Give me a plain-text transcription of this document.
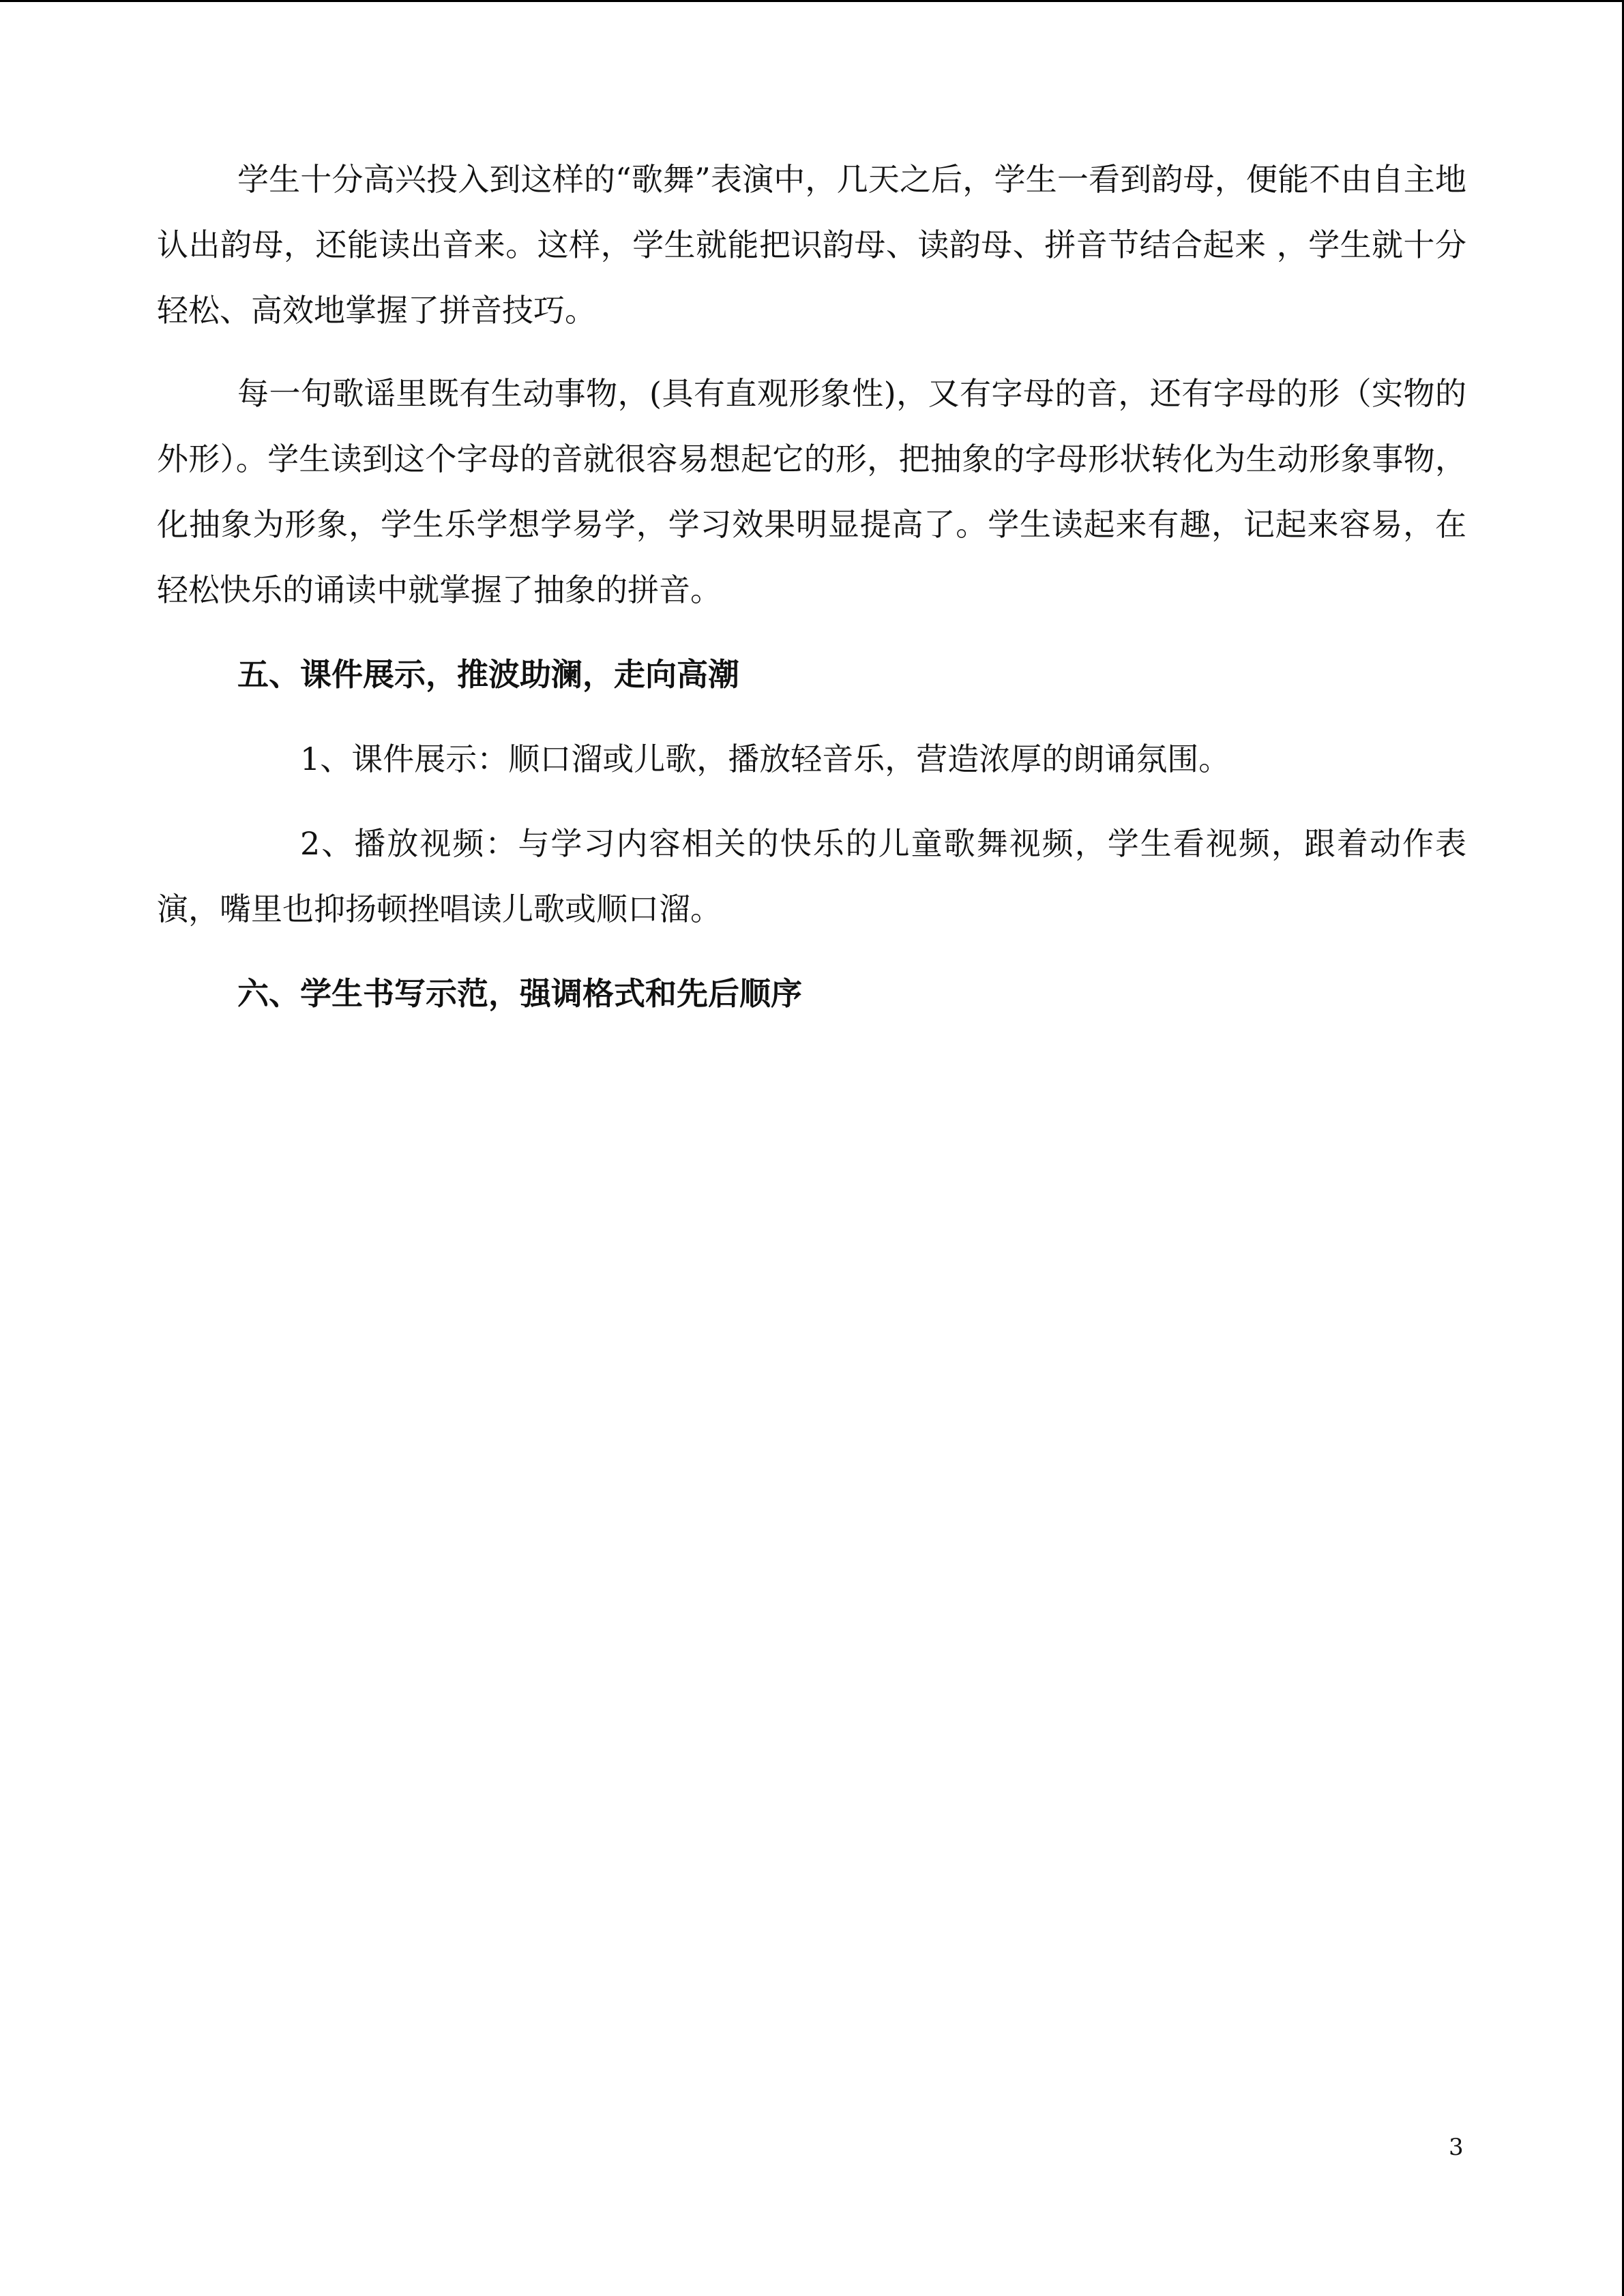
学生十分高兴投入到这样的“歌舞”表演中，几天之后，学生一看到韵母，便能不由自主地认出韵母，还能读出音来。这样，学生就能把识韵母、读韵母、拼音节结合起来 ，学生就十分轻松、高效地掌握了拼音技巧。

每一句歌谣里既有生动事物，(具有直观形象性)，又有字母的音，还有字母的形（实物的外形）。学生读到这个字母的音就很容易想起它的形，把抽象的字母形状转化为生动形象事物，化抽象为形象，学生乐学想学易学，学习效果明显提高了。学生读起来有趣，记起来容易，在轻松快乐的诵读中就掌握了抽象的拼音。

五、课件展示，推波助澜，走向高潮

1、课件展示：顺口溜或儿歌，播放轻音乐，营造浓厚的朗诵氛围。

2、播放视频：与学习内容相关的快乐的儿童歌舞视频，学生看视频，跟着动作表演，嘴里也抑扬顿挫唱读儿歌或顺口溜。

六、学生书写示范，强调格式和先后顺序

3
